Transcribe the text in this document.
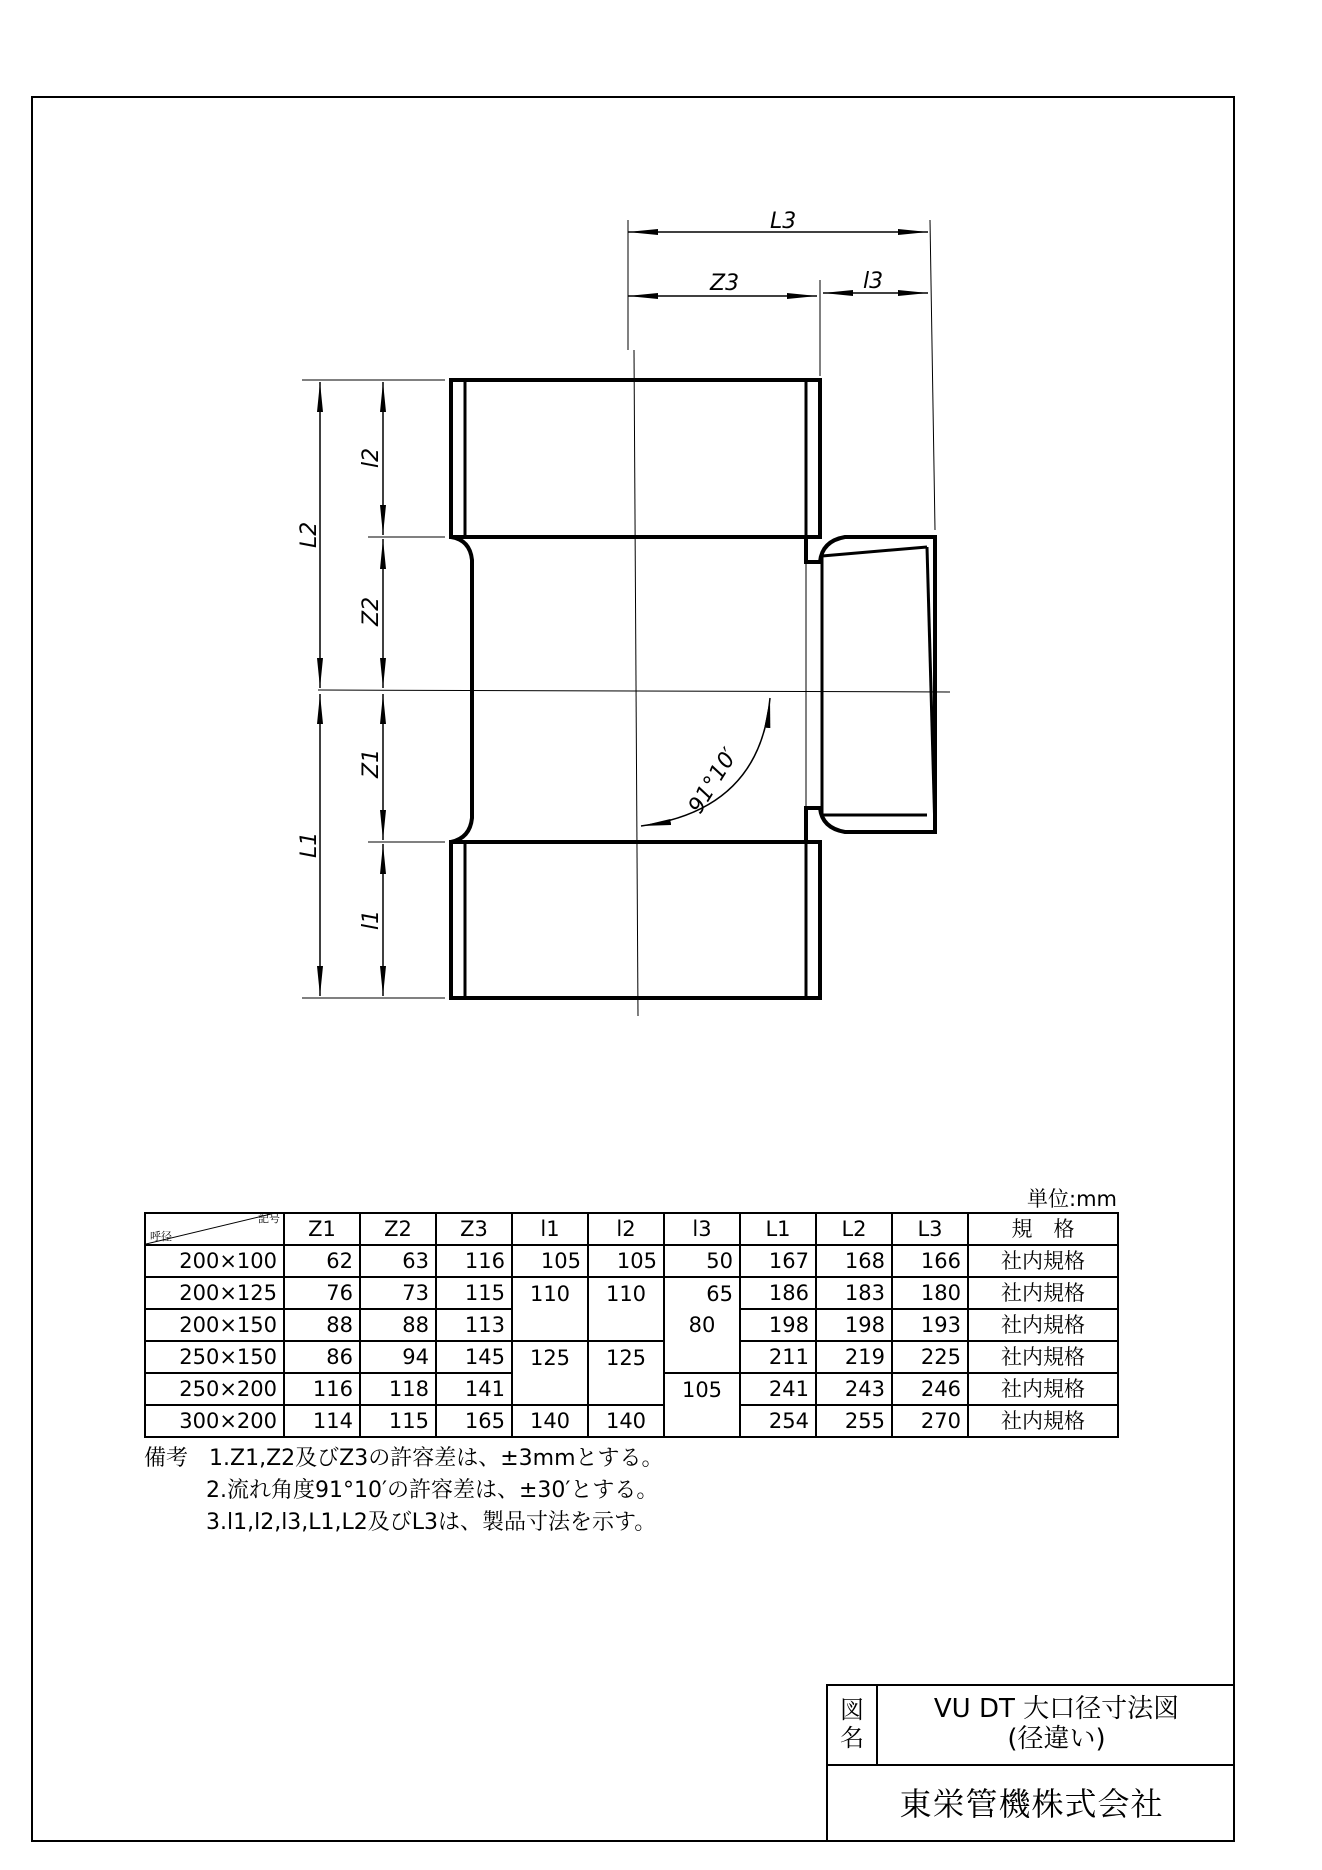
L3
Z3	l3
L2
l2
Z2
Z1
L1
l1
91°10′
単位:mm
記号
呼径	Z1	Z2	Z3	l1	l2	l3	L1	L2	L3	規　格
200×100	62	63	116	105	105	50	167	168	166	社内規格
200×125	76	73	115	110	110	65	186	183	180	社内規格
200×150	88	88	113			80	198	198	193	社内規格
250×150	86	94	145	125	125		211	219	225	社内規格
250×200	116	118	141			105	241	243	246	社内規格
300×200	114	115	165	140	140		254	255	270	社内規格
備考 1.Z1,Z2及びZ3の許容差は、±3mmとする。
2.流れ角度91°10′の許容差は、±30′とする。
3.l1,l2,l3,L1,L2及びL3は、製品寸法を示す。
図
名
VU DT 大口径寸法図
(径違い)
東栄管機株式会社
